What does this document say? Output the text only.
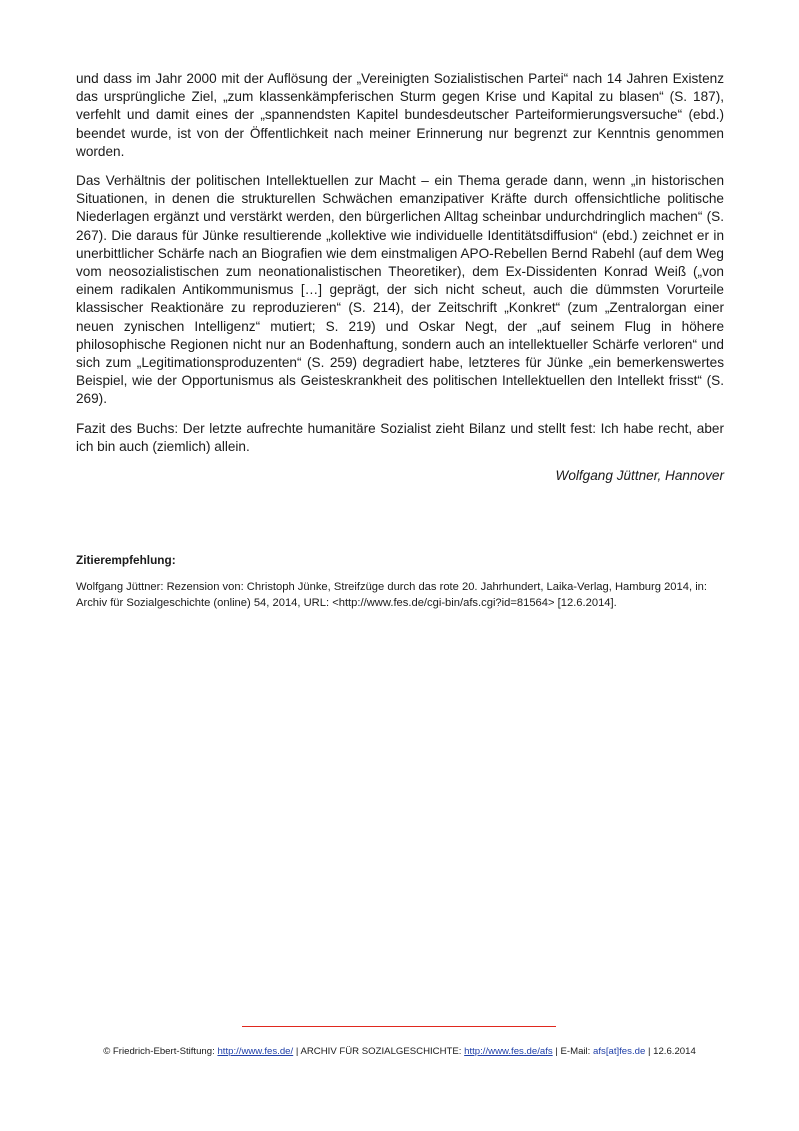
und dass im Jahr 2000 mit der Auflösung der „Vereinigten Sozialistischen Partei“ nach 14 Jahren Existenz das ursprüngliche Ziel, „zum klassenkämpferischen Sturm gegen Krise und Kapital zu blasen“ (S. 187), verfehlt und damit eines der „spannendsten Kapitel bundesdeutscher Parteiformierungsversuche“ (ebd.) beendet wurde, ist von der Öffentlichkeit nach meiner Erinnerung nur begrenzt zur Kenntnis genommen worden.

Das Verhältnis der politischen Intellektuellen zur Macht – ein Thema gerade dann, wenn „in historischen Situationen, in denen die strukturellen Schwächen emanzipativer Kräfte durch offensichtliche politische Niederlagen ergänzt und verstärkt werden, den bürgerlichen Alltag scheinbar undurchdringlich machen“ (S. 267). Die daraus für Jünke resultierende „kollektive wie individuelle Identitätsdiffusion“ (ebd.) zeichnet er in unerbittlicher Schärfe nach an Biografien wie dem einstmaligen APO-Rebellen Bernd Rabehl (auf dem Weg vom neosozialistischen zum neonationalistischen Theoretiker), dem Ex-Dissidenten Konrad Weiß („von einem radikalen Antikommunismus […] geprägt, der sich nicht scheut, auch die dümmsten Vorurteile klassischer Reaktionäre zu reproduzieren“ (S. 214), der Zeitschrift „Konkret“ (zum „Zentralorgan einer neuen zynischen Intelligenz“ mutiert; S. 219) und Oskar Negt, der „auf seinem Flug in höhere philosophische Regionen nicht nur an Bodenhaftung, sondern auch an intellektueller Schärfe verloren“ und sich zum „Legitimationsproduzenten“ (S. 259) degradiert habe, letzteres für Jünke „ein bemerkenswertes Beispiel, wie der Opportunismus als Geisteskrankheit des politischen Intellektuellen den Intellekt frisst“ (S. 269).

Fazit des Buchs: Der letzte aufrechte humanitäre Sozialist zieht Bilanz und stellt fest: Ich habe recht, aber ich bin auch (ziemlich) allein.

Wolfgang Jüttner, Hannover

Zitierempfehlung:

Wolfgang Jüttner: Rezension von: Christoph Jünke, Streifzüge durch das rote 20. Jahrhundert, Laika-Verlag, Hamburg 2014, in: Archiv für Sozialgeschichte (online) 54, 2014, URL: <http://www.fes.de/cgi-bin/afs.cgi?id=81564> [12.6.2014].

© Friedrich-Ebert-Stiftung: http://www.fes.de/ | ARCHIV FÜR SOZIALGESCHICHTE: http://www.fes.de/afs | E-Mail: afs[at]fes.de | 12.6.2014
